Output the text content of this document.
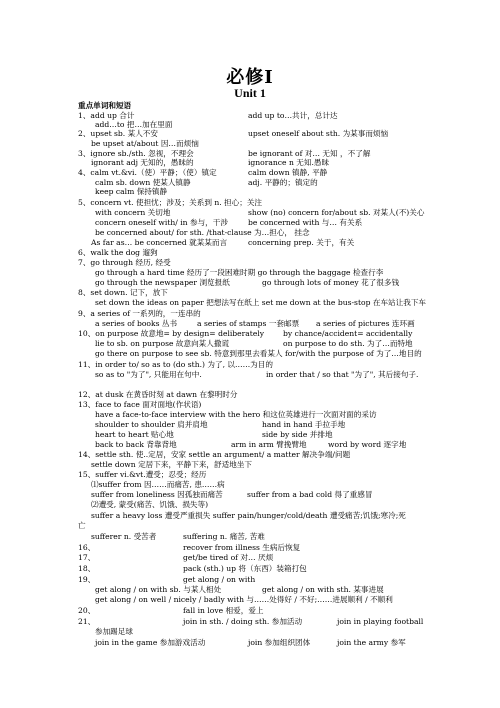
必修Ⅰ
Unit 1
重点单词和短语
1、add up 合计	add up to…共计，总计达
add…to 把…加在里面
2、upset sb. 某人不安	upset oneself about sth. 为某事而烦恼
be upset at/about 因…而烦恼
3、ignore sb./sth. 忽视，不理会	be ignorant of 对… 无知 ，不了解
ignorant adj 无知的，愚昧的	ignorance n 无知.愚昧
4、calm vt.&vi.（使）平静；（使）镇定	calm down 镇静, 平静
calm sb. down 使某人镇静	adj. 平静的；镇定的
keep calm 保持镇静
5、concern vt. 使担忧；涉及；关系到 n. 担心；关注
with concern 关切地	show (no) concern for/about sb. 对某人(不)关心
concern oneself with/ in 参与，干涉	be concerned with 与… 有关系
be concerned about/ for sth. /that-clause 为…担心， 挂念
As far as… be concerned 就某某而言	concerning prep. 关于，有关
6、walk the dog 遛狗
7、go through 经历, 经受
go through a hard time 经历了一段困难时期 go through the baggage 检查行李
go through the newspaper 浏览报纸	go through lots of money 花了很多钱
8、set down. 记下，放下
set down the ideas on paper 把想法写在纸上 set me down at the bus-stop 在车站让我下车
9、a series of 一系列的，一连串的
a series of books 丛书	a series of stamps 一套邮票 a series of pictures 连环画
10、on purpose 故意地= by design= deliberately by chance/accident= accidentally
lie to sb. on purpose 故意向某人撒谎	on purpose to do sth. 为了…而特地
go there on purpose to see sb. 特意到那里去看某人 for/with the purpose of 为了…地目的
11、in order to/ so as to (do sth.) 为了, 以……为目的
so as to "为了", 只能用在句中.	in order that / so that "为了", 其后接句子.
12、at dusk 在黄昏时刻 at dawn 在黎明时分
13、face to face 面对面地(作状语)
have a face-to-face interview with the hero 和这位英雄进行一次面对面的采访
shoulder to shoulder 肩并肩地	hand in hand 手拉手地
heart to heart 贴心地	side by side 并排地
back to back 背靠背地	arm in arm 臂挽臂地	word by word 逐字地
14、settle sth. 使..定居，安家 settle an argument/ a matter 解决争端/问题
settle down 定居下来，平静下来，舒适地坐下
15、suffer vi.&vt.遭受；忍受；经历
⑴suffer from 因……而痛苦, 患……病
suffer from loneliness 因孤独而痛苦	suffer from a bad cold 得了重感冒
⑵遭受, 蒙受(痛苦、饥饿、损失等)
suffer a heavy loss 遭受严重损失 suffer pain/hunger/cold/death 遭受痛苦;饥饿;寒冷;死
亡
sufferer n. 受苦者	suffering n. 痛苦, 苦难
16、	recover from illness 生病后恢复
17、	get/be tired of 对… 厌烦
18、	pack (sth.) up 将（东西）装箱打包
19、	get along / on with
get along / on with sb. 与某人相处	get along / on with sth. 某事进展
get along / on well / nicely / badly with 与……处得好 / 不好;……进展顺利 / 不顺利
20、	fall in love 相爱，爱上
21、	join in sth. / doing sth. 参加活动	join in playing football
参加踢足球
join in the game 参加游戏活动	join 参加组织团体	join the army 参军
